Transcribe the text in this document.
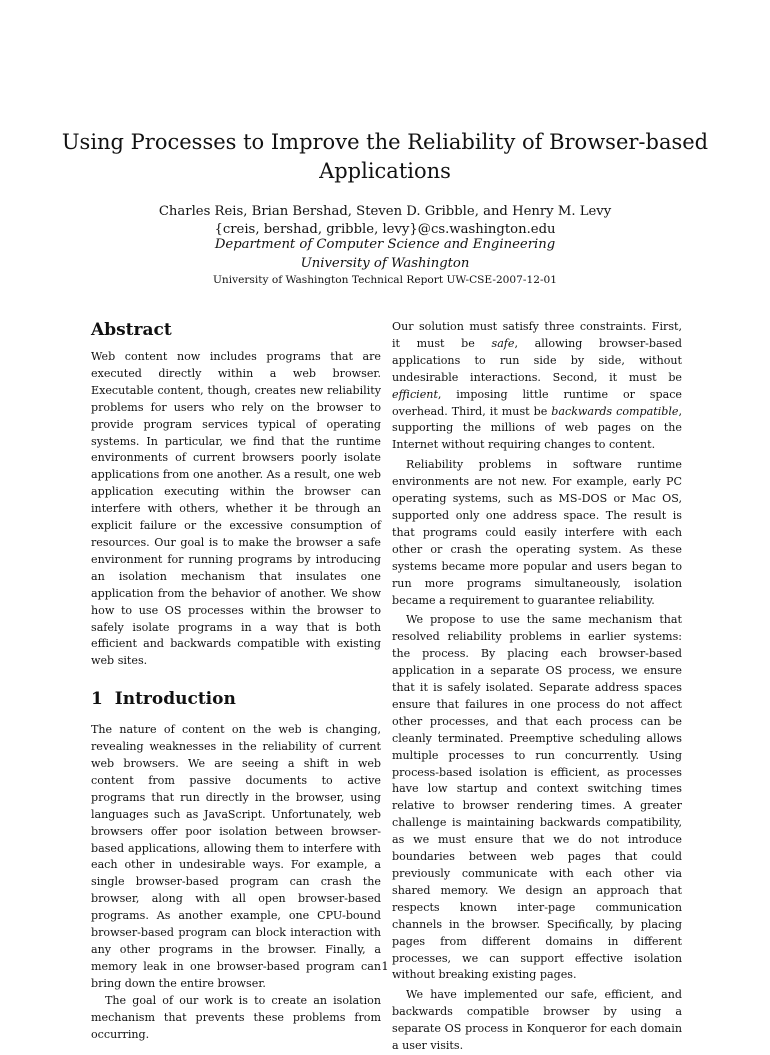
Using Processes to Improve the Reliability of Browser-based Applications
Charles Reis, Brian Bershad, Steven D. Gribble, and Henry M. Levy
{creis, bershad, gribble, levy}@cs.washington.edu
Department of Computer Science and Engineering
University of Washington
University of Washington Technical Report UW-CSE-2007-12-01
Abstract

Web content now includes programs that are executed directly within a web browser. Executable content, though, creates new reliability problems for users who rely on the browser to provide program services typical of operating systems. In particular, we find that the runtime environments of current browsers poorly isolate applications from one another. As a result, one web application executing within the browser can interfere with others, whether it be through an explicit failure or the excessive consumption of resources. Our goal is to make the browser a safe environment for running programs by introducing an isolation mechanism that insulates one application from the behavior of another. We show how to use OS processes within the browser to safely isolate programs in a way that is both efficient and backwards compatible with existing web sites.

1 Introduction

The nature of content on the web is changing, revealing weaknesses in the reliability of current web browsers. We are seeing a shift in web content from passive documents to active programs that run directly in the browser, using languages such as JavaScript. Unfortunately, web browsers offer poor isolation between browser-based applications, allowing them to interfere with each other in undesirable ways. For example, a single browser-based program can crash the browser, along with all open browser-based programs. As another example, one CPU-bound browser-based program can block interaction with any other programs in the browser. Finally, a memory leak in one browser-based program can bring down the entire browser.

The goal of our work is to create an isolation mechanism that prevents these problems from occurring.

Our solution must satisfy three constraints. First, it must be safe, allowing browser-based applications to run side by side, without undesirable interactions. Second, it must be efficient, imposing little runtime or space overhead. Third, it must be backwards compatible, supporting the millions of web pages on the Internet without requiring changes to content.

Reliability problems in software runtime environments are not new. For example, early PC operating systems, such as MS-DOS or Mac OS, supported only one address space. The result is that programs could easily interfere with each other or crash the operating system. As these systems became more popular and users began to run more programs simultaneously, isolation became a requirement to guarantee reliability.

We propose to use the same mechanism that resolved reliability problems in earlier systems: the process. By placing each browser-based application in a separate OS process, we ensure that it is safely isolated. Separate address spaces ensure that failures in one process do not affect other processes, and that each process can be cleanly terminated. Preemptive scheduling allows multiple processes to run concurrently. Using process-based isolation is efficient, as processes have low startup and context switching times relative to browser rendering times. A greater challenge is maintaining backwards compatibility, as we must ensure that we do not introduce boundaries between web pages that could previously communicate with each other via shared memory. We design an approach that respects known inter-page communication channels in the browser. Specifically, by placing pages from different domains in different processes, we can support effective isolation without breaking existing pages.

We have implemented our safe, efficient, and backwards compatible browser by using a separate OS process in Konqueror for each domain a user visits.

1
